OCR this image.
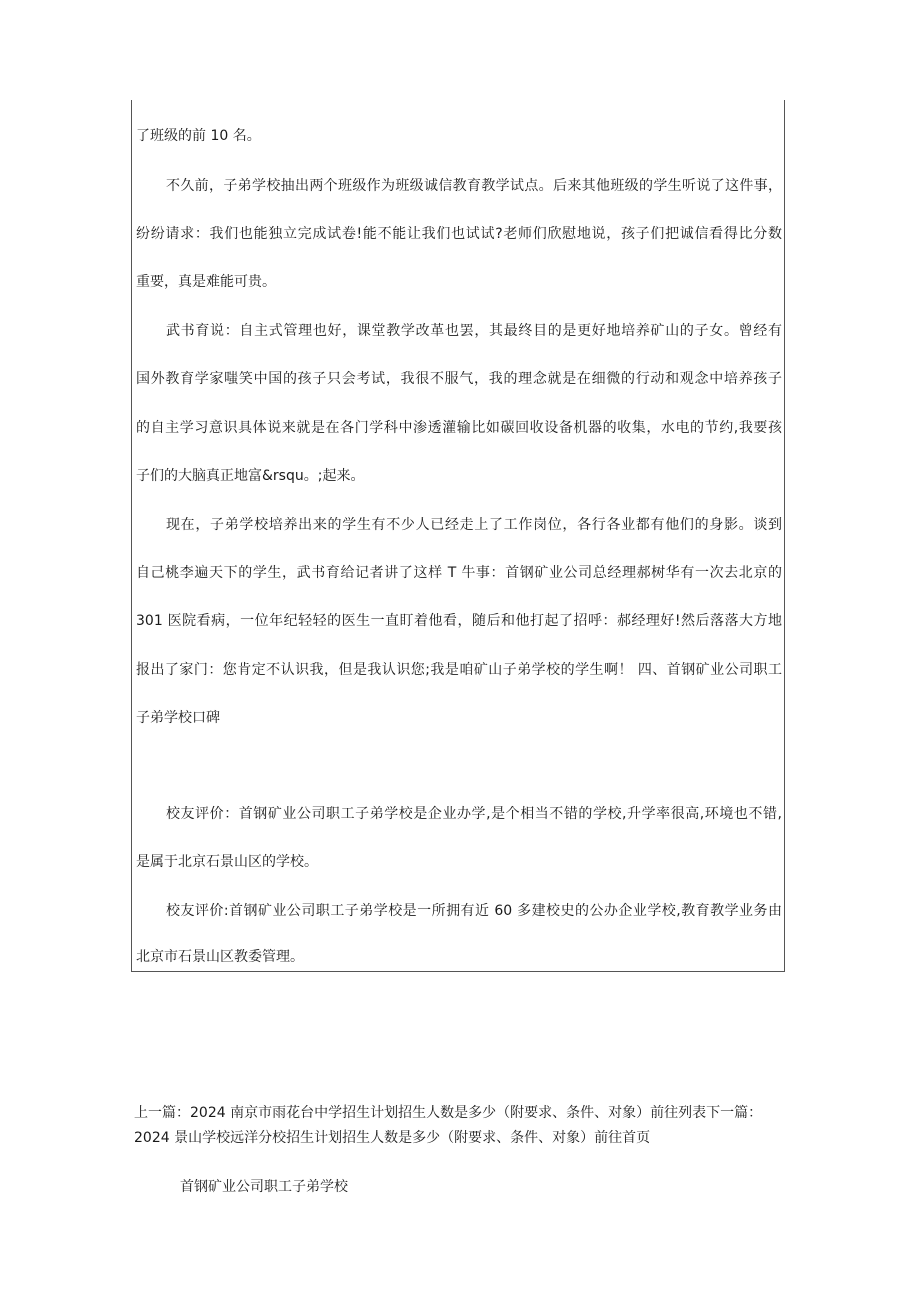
了班级的前 10 名。
不久前，子弟学校抽出两个班级作为班级诚信教育教学试点。后来其他班级的学生听说了这件事，
纷纷请求：我们也能独立完成试卷!能不能让我们也试试?老师们欣慰地说，孩子们把诚信看得比分数
重要，真是难能可贵。
武书育说：自主式管理也好，课堂教学改革也罢，其最终目的是更好地培养矿山的子女。曾经有
国外教育学家嗤笑中国的孩子只会考试，我很不服气，我的理念就是在细微的行动和观念中培养孩子
的自主学习意识具体说来就是在各门学科中渗透灌输比如碳回收设备机器的收集，水电的节约,我要孩
子们的大脑真正地富&rsqu。;起来。
现在，子弟学校培养出来的学生有不少人已经走上了工作岗位，各行各业都有他们的身影。谈到
自己桃李遍天下的学生，武书育给记者讲了这样 T 牛事：首钢矿业公司总经理郝树华有一次去北京的
301 医院看病，一位年纪轻轻的医生一直盯着他看，随后和他打起了招呼：郝经理好!然后落落大方地
报出了家门：您肯定不认识我，但是我认识您;我是咱矿山子弟学校的学生啊！ 四、首钢矿业公司职工
子弟学校口碑
校友评价：首钢矿业公司职工子弟学校是企业办学,是个相当不错的学校,升学率很高,环境也不错,
是属于北京石景山区的学校。
校友评价:首钢矿业公司职工子弟学校是一所拥有近 60 多建校史的公办企业学校,教育教学业务由
北京市石景山区教委管理。
上一篇：2024 南京市雨花台中学招生计划招生人数是多少（附要求、条件、对象）前往列表下一篇：
2024 景山学校远洋分校招生计划招生人数是多少（附要求、条件、对象）前往首页
首钢矿业公司职工子弟学校
